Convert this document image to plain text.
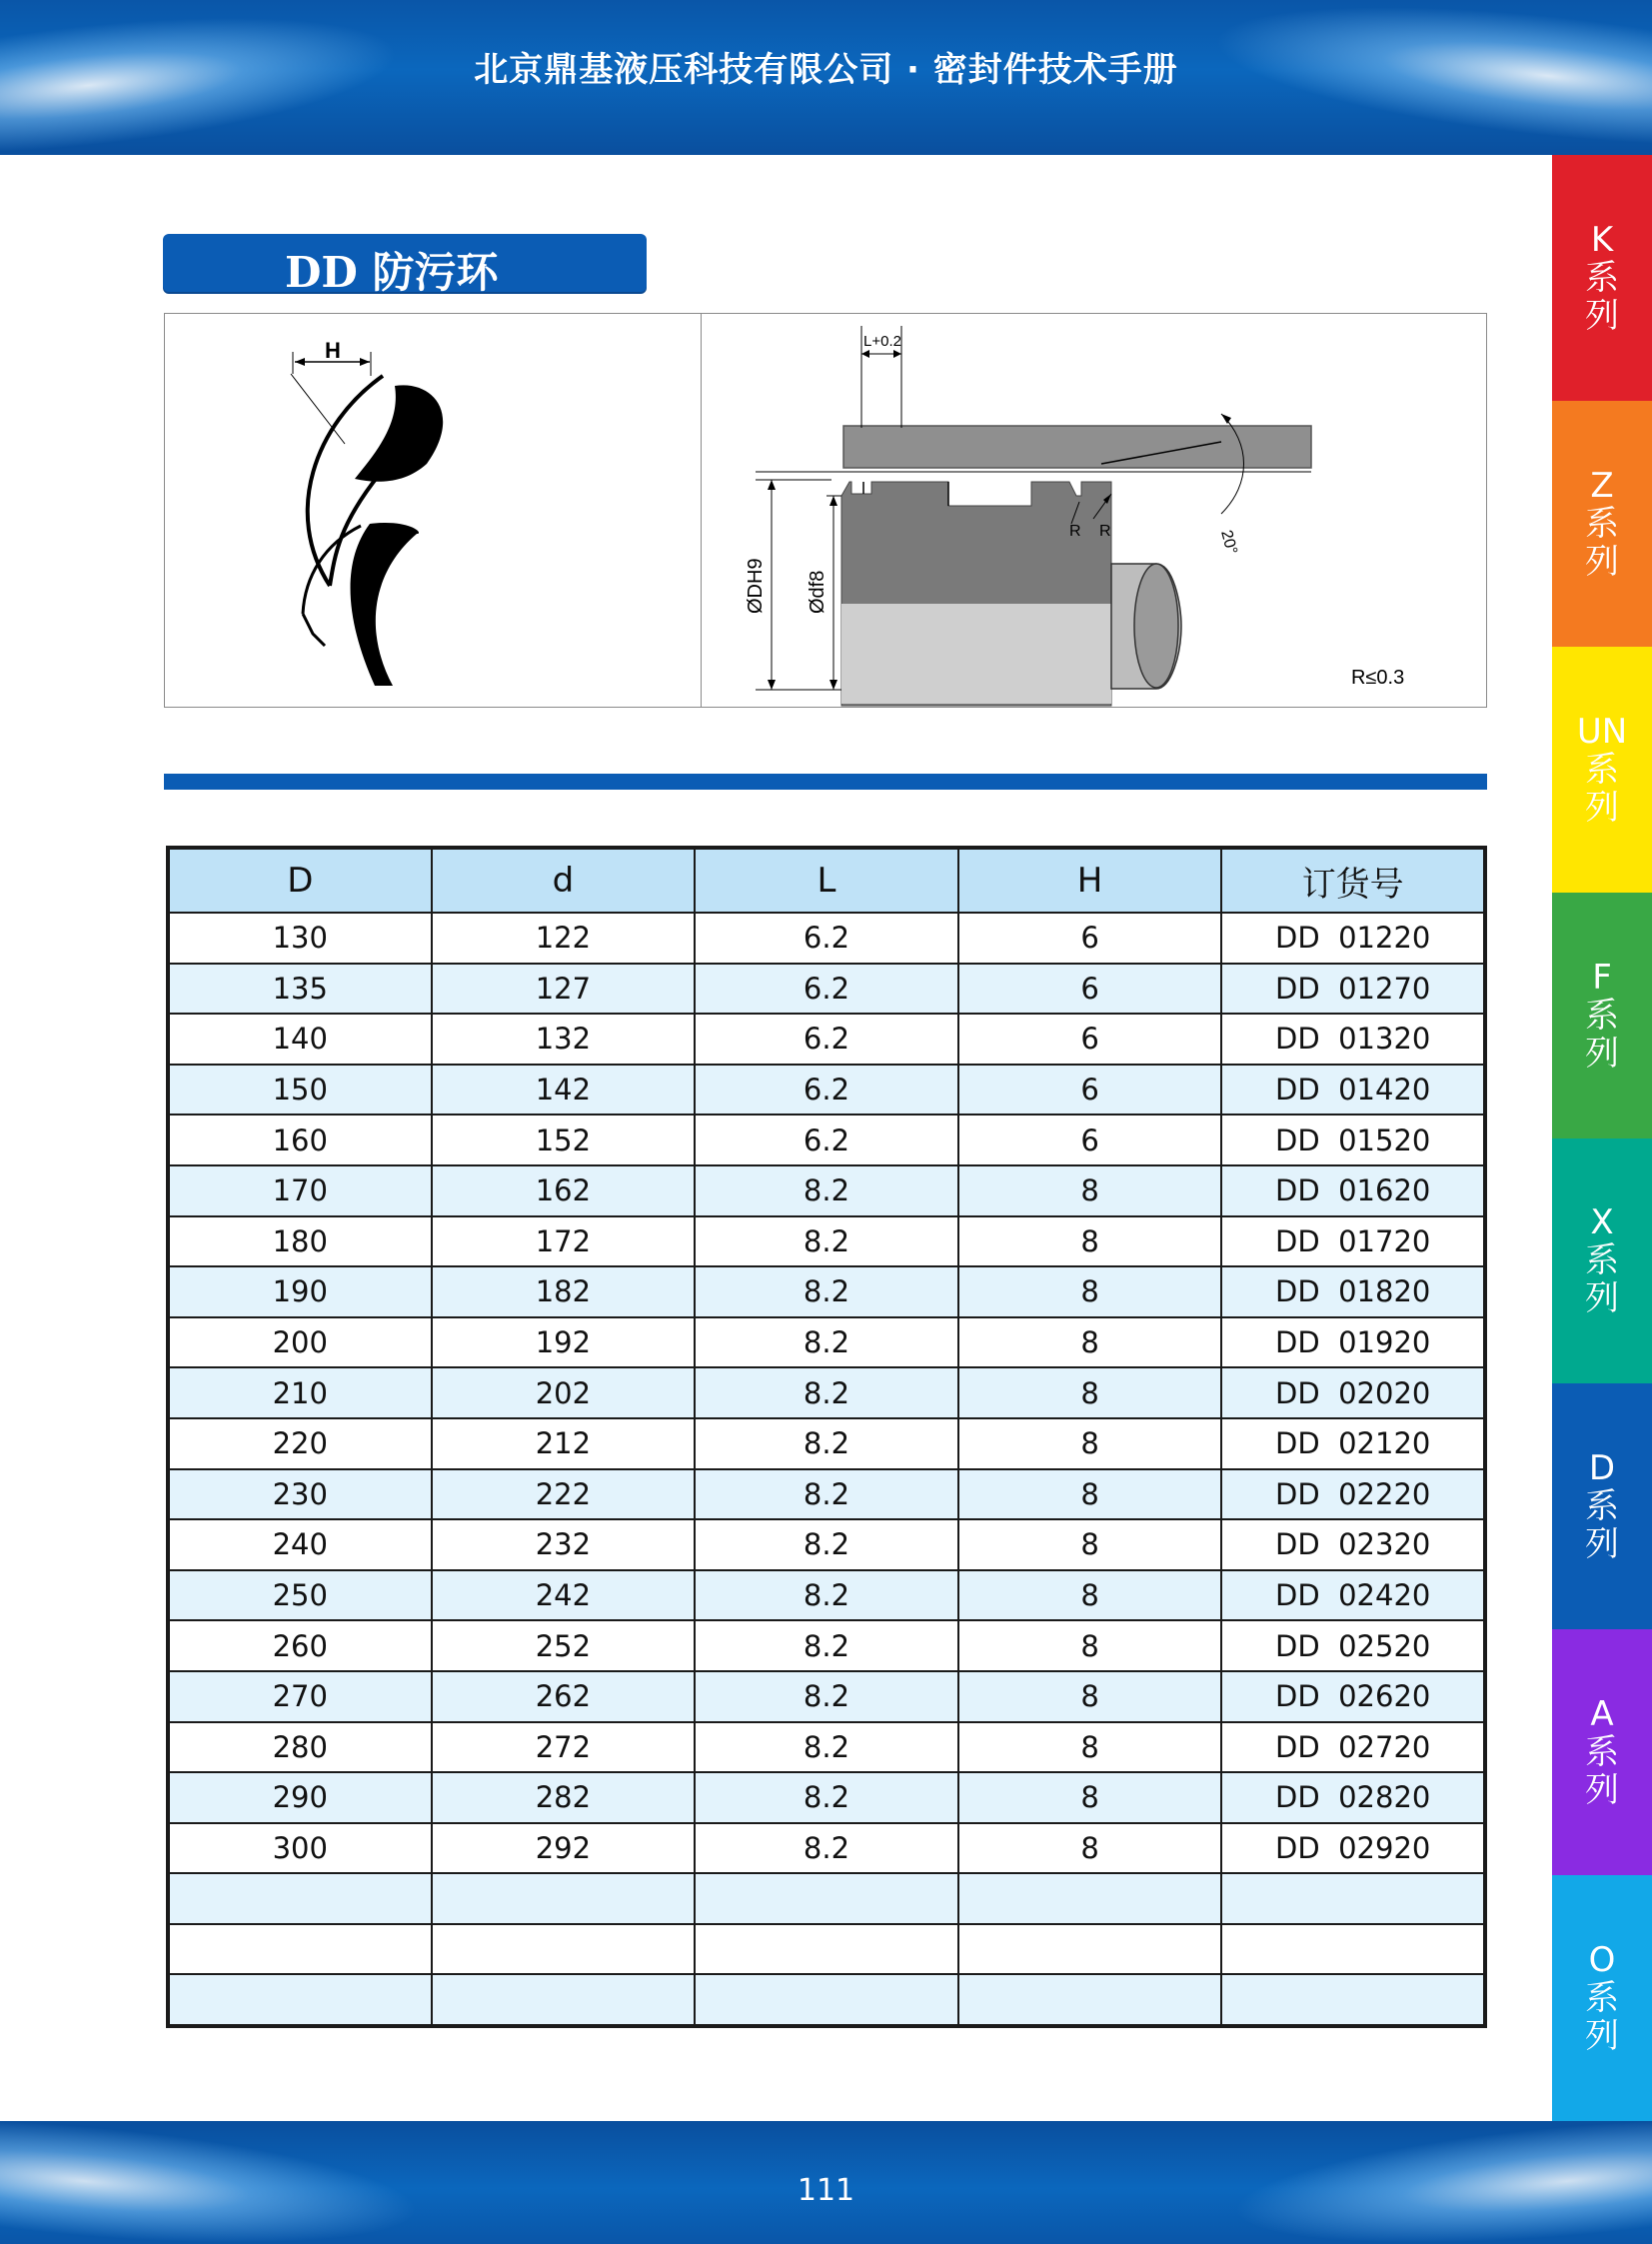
北京鼎基液压科技有限公司 · 密封件技术手册
K
系
列
Z
系
列
UN
系
列
F
系
列
X
系
列
D
系
列
A
系
列
O
系
列
DD 防污环
H
R
R
L+0.2
ØDH9 Ødf8
20°
R≤0.3
D	d	L	H	订货号
130	122	6.2	6	DD  01220
135	127	6.2	6	DD  01270
140	132	6.2	6	DD  01320
150	142	6.2	6	DD  01420
160	152	6.2	6	DD  01520
170	162	8.2	8	DD  01620
180	172	8.2	8	DD  01720
190	182	8.2	8	DD  01820
200	192	8.2	8	DD  01920
210	202	8.2	8	DD  02020
220	212	8.2	8	DD  02120
230	222	8.2	8	DD  02220
240	232	8.2	8	DD  02320
250	242	8.2	8	DD  02420
260	252	8.2	8	DD  02520
270	262	8.2	8	DD  02620
280	272	8.2	8	DD  02720
290	282	8.2	8	DD  02820
300	292	8.2	8	DD  02920

111
